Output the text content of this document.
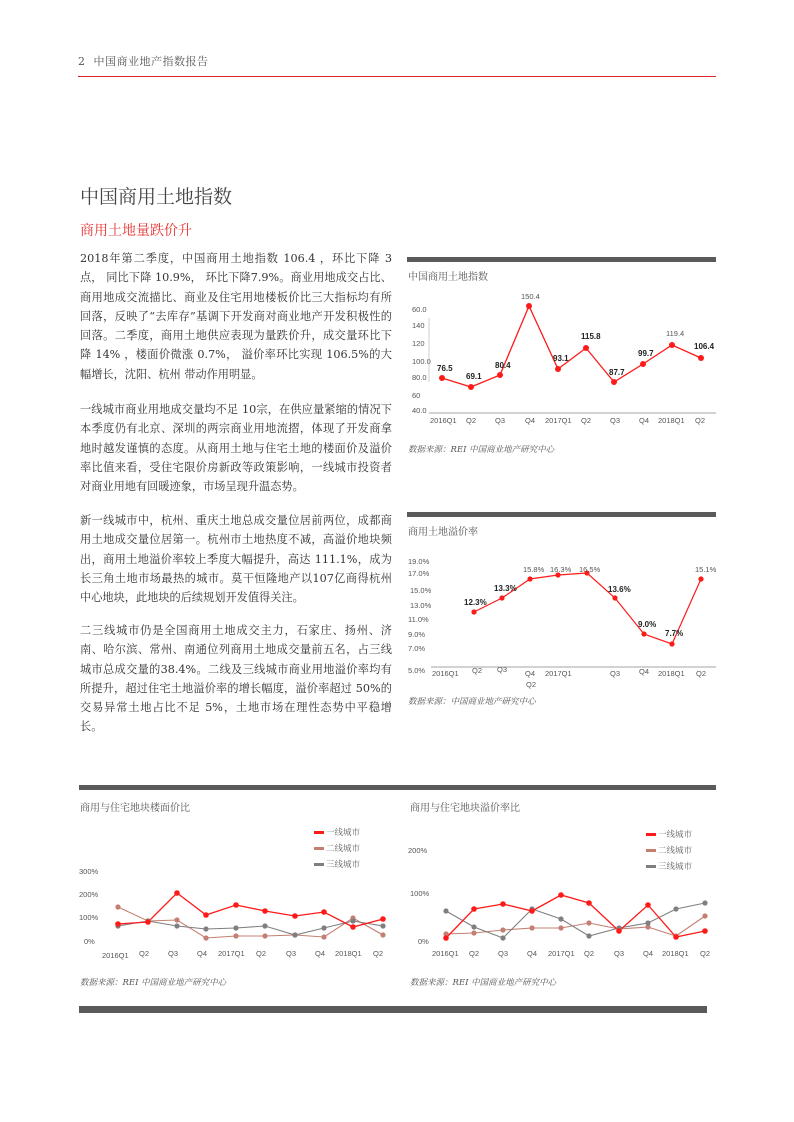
2 中国商业地产指数报告
中国商用土地指数
商用土地量跌价升

2018年第二季度，中国商用土地指数 106.4 ，环比下降 3点， 同比下降 10.9%， 环比下降7.9%。商业用地成交占比、商用地成交流描比、商业及住宅用地楼板价比三大指标均有所回落，反映了“去库存”基调下开发商对商业地产开发积极性的回落。二季度，商用土地供应表现为量跌价升，成交量环比下降 14% ，楼面价微涨 0.7%， 溢价率环比实现 106.5%的大幅增长，沈阳、杭州 带动作用明显。

一线城市商业用地成交量均不足 10宗，在供应量紧缩的情况下本季度仍有北京、深圳的两宗商业用地流摺，体现了开发商拿地时越发谨慎的态度。从商用土地与住宅土地的楼面价及溢价率比值来看，受住宅限价房新政等政策影响，一线城市投资者对商业用地有回暖迹象，市场呈现升温态势。

新一线城市中，杭州、重庆土地总成交量位居前两位，成都商用土地成交量位居第一。杭州市土地热度不减，高溢价地块频出，商用土地溢价率较上季度大幅提升，高达 111.1%，成为长三角土地市场最热的城市。莫干恒隆地产以107亿商得杭州中心地块，此地块的后续规划开发值得关注。

二三线城市仍是全国商用土地成交主力，石家庄、扬州、济南、哈尔滨、常州、南通位列商用土地成交量前五名，占三线城市总成交量的38.4%。二线及三线城市商业用地溢价率均有所提升，超过住宅土地溢价率的增长幅度，溢价率超过 50%的交易异常土地占比不足 5%，土地市场在理性态势中平稳增长。

中国商用土地指数
60.0
140
120
100.0
80.0
60
40.0
76.5
69.1
80.4
150.4
93.1
115.8
87.7
99.7
119.4
106.4
2016Q1 Q2	Q3	Q4 2017Q1 Q2	Q3	Q4 2018Q1 Q2
数据来源：REI 中国商业地产研究中心
商用土地溢价率
19.0%
17.0%
15.0%
13.0%
11.0%
9.0%
7.0%
5.0%
12.3%
13.3%
15.8% 16.3% 16.5%
13.6%
9.0%
7.7%
15.1%
2016Q1 Q2 Q3 Q4 2017Q1
Q2
Q3	Q4 2018Q1 Q2
数据来源：中国商业地产研究中心
商用与住宅地块楼面价比
一线城市
二线城市
三线城市
300%
200%
100%
0%
2016Q1 Q2	Q3	Q4 2017Q1 Q2	Q3	Q4 2018Q1 Q2
数据来源：REI 中国商业地产研究中心
商用与住宅地块溢价率比
一线城市
二线城市
三线城市
200%
100%
0%
2016Q1 Q2	Q3	Q4 2017Q1 Q2	Q3	Q4 2018Q1 Q2
数据来源：REI 中国商业地产研究中心
